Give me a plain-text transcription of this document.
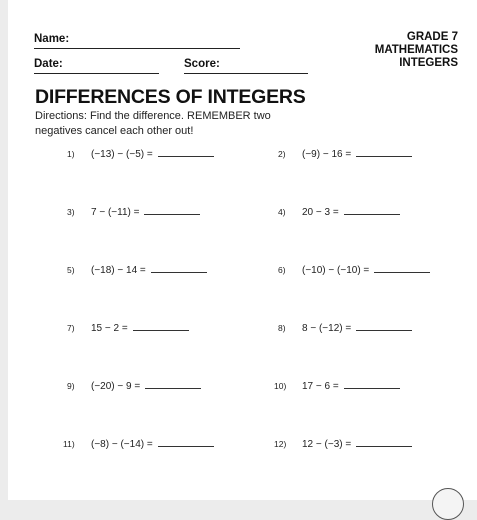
Name:
Date:	Score:
GRADE 7
MATHEMATICS
INTEGERS
DIFFERENCES OF INTEGERS
Directions: Find the difference. REMEMBER two negatives cancel each other out!
1) (−13) − (−5) =
3) 7 − (−11) =
5) (−18) − 14 =
7) 15 − 2 =
9) (−20) − 9 =
11) (−8) − (−14) =
2) (−9) − 16 =
4) 20 − 3 =
6) (−10) − (−10) =
8) 8 − (−12) =
10) 17 − 6 =
12) 12 − (−3) =
